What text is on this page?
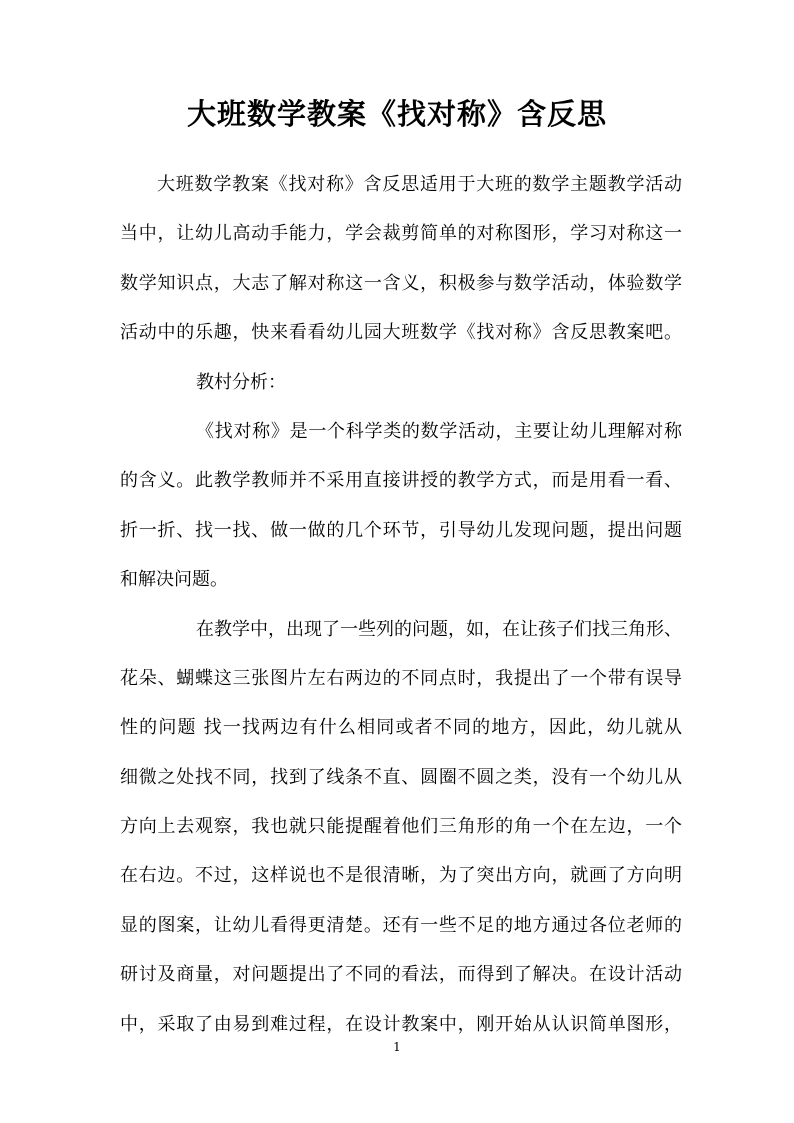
大班数学教案《找对称》含反思
大班数学教案《找对称》含反思适用于大班的数学主题教学活动
当中，让幼儿高动手能力，学会裁剪简单的对称图形，学习对称这一
数学知识点，大志了解对称这一含义，积极参与数学活动，体验数学
活动中的乐趣，快来看看幼儿园大班数学《找对称》含反思教案吧。
教村分析：
《找对称》是一个科学类的数学活动，主要让幼儿理解对称
的含义。此教学教师并不采用直接讲授的教学方式，而是用看一看、
折一折、找一找、做一做的几个环节，引导幼儿发现问题，提出问题
和解决问题。
在教学中，出现了一些列的问题，如，在让孩子们找三角形、
花朵、蝴蝶这三张图片左右两边的不同点时，我提出了一个带有误导
性的问题 找一找两边有什么相同或者不同的地方，因此，幼儿就从
细微之处找不同，找到了线条不直、圆圈不圆之类，没有一个幼儿从
方向上去观察，我也就只能提醒着他们三角形的角一个在左边，一个
在右边。不过，这样说也不是很清晰，为了突出方向，就画了方向明
显的图案，让幼儿看得更清楚。还有一些不足的地方通过各位老师的
研讨及商量，对问题提出了不同的看法，而得到了解决。在设计活动
中，采取了由易到难过程，在设计教案中，刚开始从认识简单图形，
1
